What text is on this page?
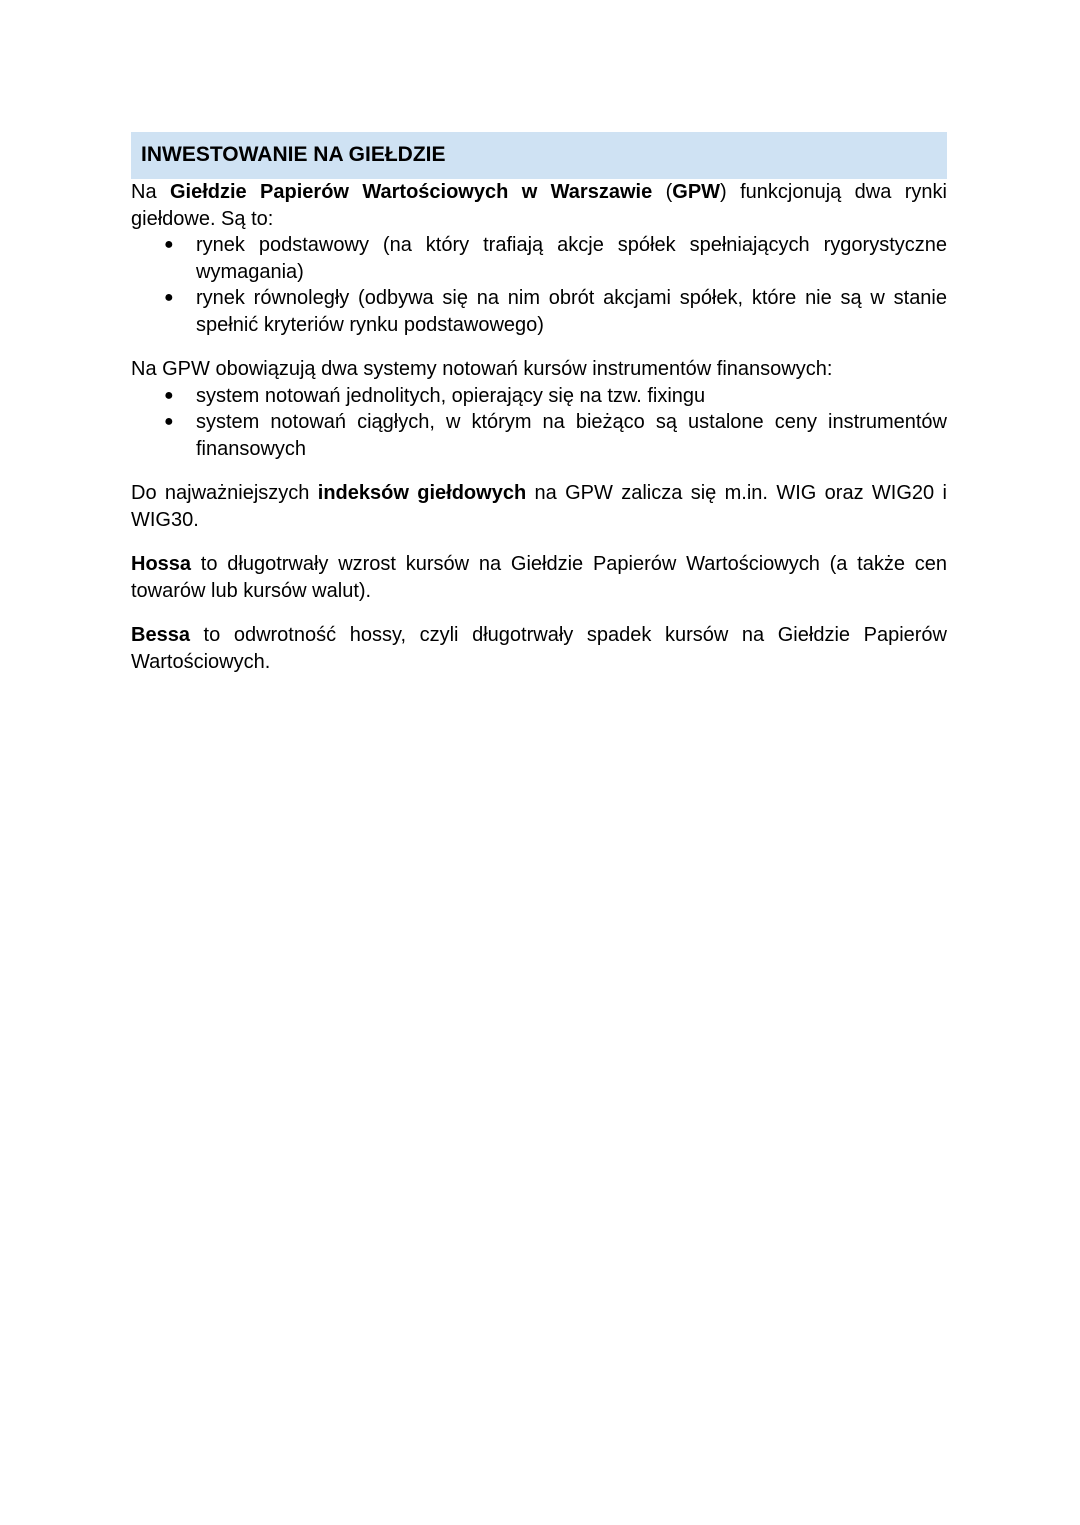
INWESTOWANIE NA GIEŁDZIE

Na Giełdzie Papierów Wartościowych w Warszawie (GPW) funkcjonują dwa rynki giełdowe. Są to:

● rynek podstawowy (na który trafiają akcje spółek spełniających rygorystyczne wymagania)
● rynek równoległy (odbywa się na nim obrót akcjami spółek, które nie są w stanie spełnić kryteriów rynku podstawowego)

Na GPW obowiązują dwa systemy notowań kursów instrumentów finansowych:

● system notowań jednolitych, opierający się na tzw. fixingu
● system notowań ciągłych, w którym na bieżąco są ustalone ceny instrumentów finansowych

Do najważniejszych indeksów giełdowych na GPW zalicza się m.in. WIG oraz WIG20 i WIG30.

Hossa to długotrwały wzrost kursów na Giełdzie Papierów Wartościowych (a także cen towarów lub kursów walut).

Bessa to odwrotność hossy, czyli długotrwały spadek kursów na Giełdzie Papierów Wartościowych.
